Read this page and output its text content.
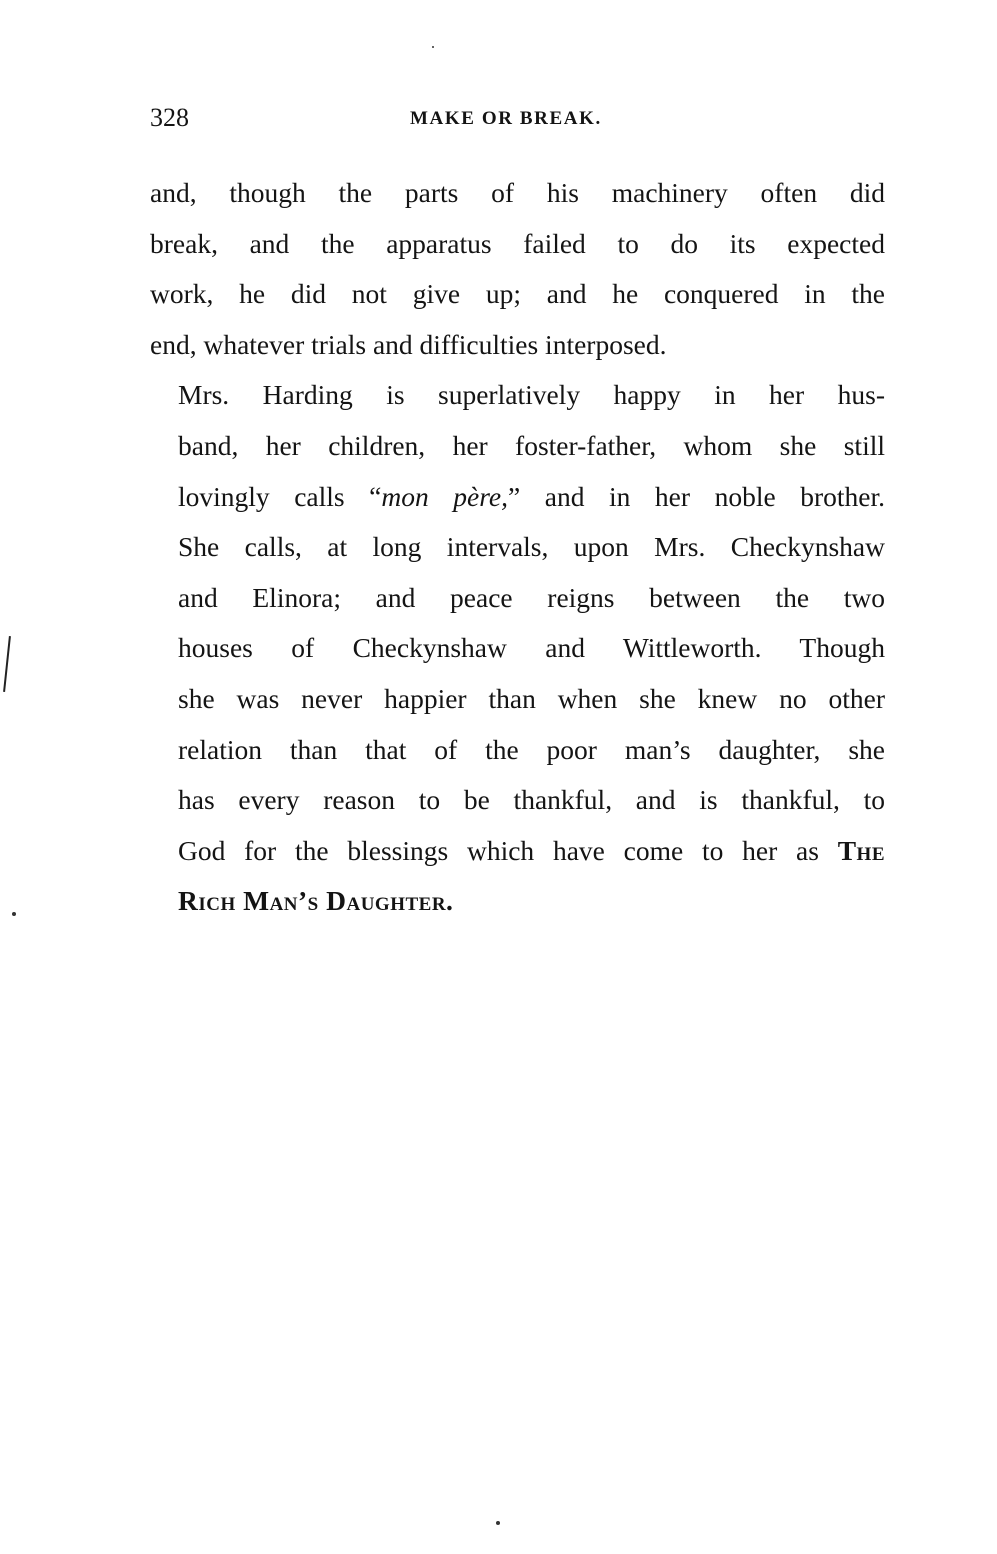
328	MAKE OR BREAK.

and, though the parts of his machinery often did
break, and the apparatus failed to do its expected
work, he did not give up; and he conquered in the
end, whatever trials and difficulties interposed.

Mrs. Harding is superlatively happy in her hus-
band, her children, her foster-father, whom she still
lovingly calls “mon père,” and in her noble brother.
She calls, at long intervals, upon Mrs. Checkynshaw
and Elinora; and peace reigns between the two
houses of Checkynshaw and Wittleworth. Though
she was never happier than when she knew no other
relation than that of the poor man’s daughter, she
has every reason to be thankful, and is thankful, to
God for the blessings which have come to her as The
Rich Man’s Daughter.
